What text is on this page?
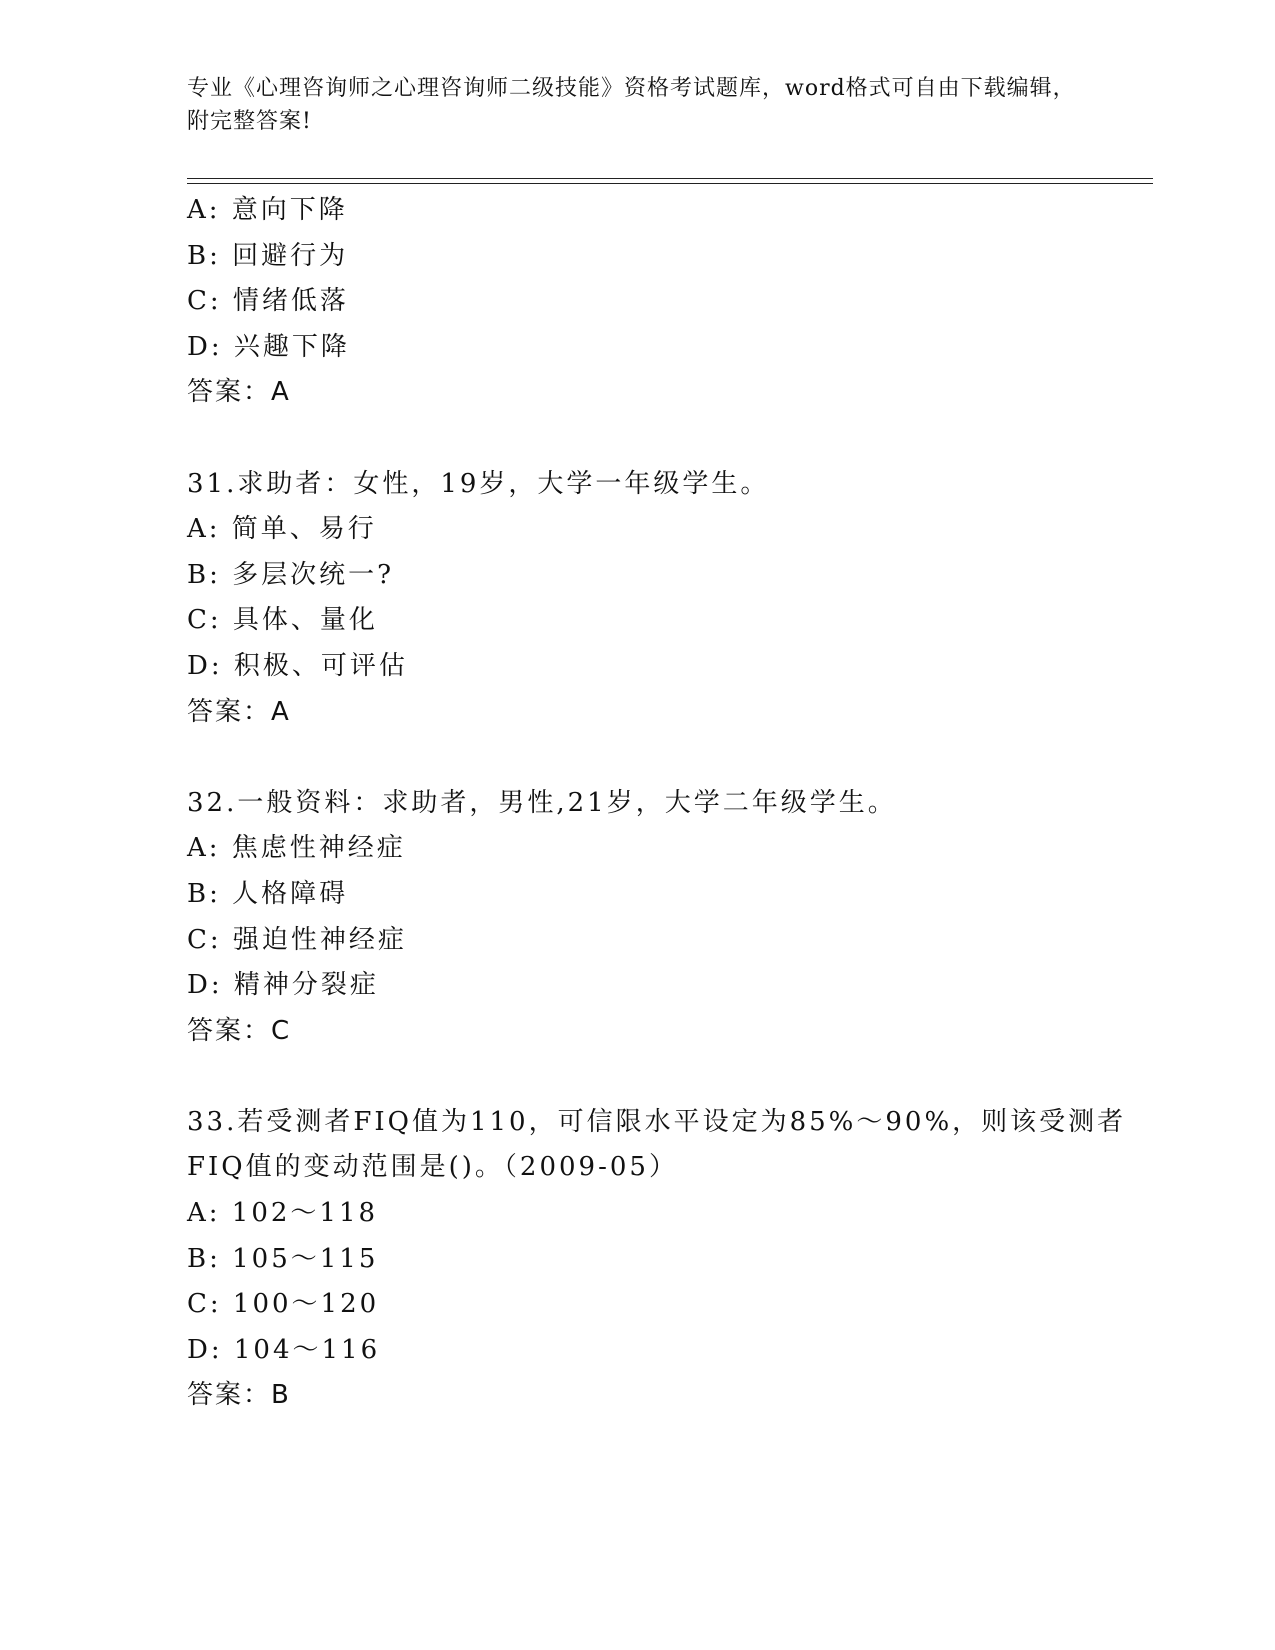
专业《心理咨询师之心理咨询师二级技能》资格考试题库，word格式可自由下载编辑，附完整答案!
A: 意向下降
B: 回避行为
C: 情绪低落
D: 兴趣下降
答案：A
31.求助者：女性，19岁，大学一年级学生。
A: 简单、易行
B: 多层次统一?
C: 具体、量化
D: 积极、可评估
答案：A
32.一般资料：求助者，男性,21岁，大学二年级学生。
A: 焦虑性神经症
B: 人格障碍
C: 强迫性神经症
D: 精神分裂症
答案：C
33.若受测者FIQ值为110，可信限水平设定为85%～90%，则该受测者
FIQ值的变动范围是()。（2009-05）
A: 102～118
B: 105～115
C: 100～120
D: 104～116
答案：B
